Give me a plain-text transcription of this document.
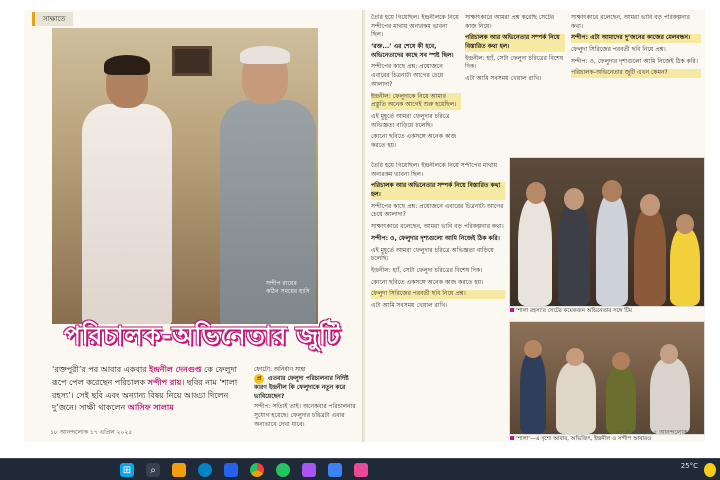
সাক্ষাতে
সন্দীপ রায়ের
কঠিন সময়ের হাসি
পরিচালক-অভিনেতার জুটি
‘রক্তপুরী’র পর আবার একবার ইন্দ্রনীল দেনগুপ্ত কে ফেলুদা রূপে পেল করেছেন পরিচালক সন্দীপ রায়। ছবির নাম ‘শালা রহস্য’। সেই ছবি এবং অন্যান্য বিষয় নিয়ে আড্ডা দিলেন দু’জনে। সাক্ষী থাকলেন আসিফ সালাম
ফোটো: অনির্বাণ সাহা
প্র এতবার ফেলুদা পরিচালনার নির্দিষ্ট কারণ ইন্দ্রনীল কি ফেলুদাকে নতুন করে ভাবিয়েছেন?
সন্দীপ: সত্যিই তাই। অনেকবার পরিচালনার সুযোগ হয়েছে। ফেলুদার চরিত্রটা এবার অন্যভাবে দেখা যাবে।
১৮ আনন্দলোক ১৭ এপ্রিল ২০২৫

তৈরি হয়ে গিয়েছিল। ইন্দ্রনীলকে নিয়ে সন্দীপের মাথায় অন্যরকম ভাবনা ছিল।

‘রক্ত...’ এর শেষে কী হবে, অভিনেতাদের কাছে সব স্পষ্ট ছিল।

সন্দীপের কাছে প্রশ্ন: প্রয়োজনে এবারের চিত্রনাট্য আগের চেয়ে আলাদা?

ইন্দ্রনীল: ফেলুদাকে নিয়ে আমার প্রস্তুতি অনেক আগেই শুরু হয়েছিল।

এই মুহূর্তে আমরা ফেলুদার চরিত্রে অভিজ্ঞতা বাড়িয়ে চলেছি।

কোনো ছবিতে একসঙ্গে অনেক কাজ করতে হয়।

সাক্ষাৎকারে আমরা প্রশ্ন করেছি সেটের কাজ নিয়ে।

পরিচালক আর অভিনেতার সম্পর্ক নিয়ে বিস্তারিত কথা হল।

ইন্দ্রনীল: হ্যাঁ, সেটা ফেলুদা চরিত্রের বিশেষ দিক।

এটা আমি সবসময় খেয়াল রাখি।

সাক্ষাৎকারে বলেছেন, আমরা ভাবি বড় পরিকল্পনার কথা।

সন্দীপ: এটা আমাদের দু’জনের কাজের মেলবন্ধন।

ফেলুদা সিরিজের পরবর্তী ছবি নিয়ে প্রশ্ন।

সন্দীপ: ও, ফেলুদার দৃশ্যগুলো আমি নিজেই ঠিক করি।

পরিচালক-অভিনেতার জুটি এখন কেমন?

‘শালা রহস্য’র সেটের কয়েকজন অভিনেতার সঙ্গে টিম
‘শালা’—এ দৃশ্যে আবার, অভিজিৎ, ইন্দ্রনীল ও সন্দীপ আবারও

তৈরি হয়ে গিয়েছিল। ইন্দ্রনীলকে নিয়ে সন্দীপের মাথায় অন্যরকম ভাবনা ছিল।

পরিচালক আর অভিনেতার সম্পর্ক নিয়ে বিস্তারিত কথা হল।

সন্দীপের কাছে প্রশ্ন: প্রয়োজনে এবারের চিত্রনাট্য আগের চেয়ে আলাদা?

সাক্ষাৎকারে বলেছেন, আমরা ভাবি বড় পরিকল্পনার কথা।

সন্দীপ: ও, ফেলুদার দৃশ্যগুলো আমি নিজেই ঠিক করি।

এই মুহূর্তে আমরা ফেলুদার চরিত্রে অভিজ্ঞতা বাড়িয়ে চলেছি।

ইন্দ্রনীল: হ্যাঁ, সেটা ফেলুদা চরিত্রের বিশেষ দিক।

কোনো ছবিতে একসঙ্গে অনেক কাজ করতে হয়।

ফেলুদা সিরিজের পরবর্তী ছবি নিয়ে প্রশ্ন।

এটা আমি সবসময় খেয়াল রাখি।

১৭ এপ্রিল ২০২৫ আনন্দলোক ১৯
⊞	⌕	25°C
